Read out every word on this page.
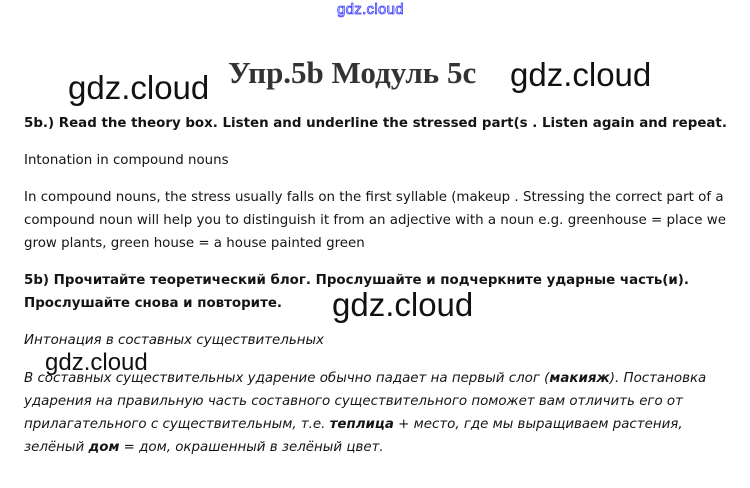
gdz.cloud
gdz.cloud	gdz.cloud
Упр.5b Модуль 5c
5b.) Read the theory box. Listen and underline the stressed part(s . Listen again and repeat.
Intonation in compound nouns
In compound nouns, the stress usually falls on the first syllable (makeup . Stressing the correct part of a
compound noun will help you to distinguish it from an adjective with a noun e.g. greenhouse = place we
grow plants, green house = a house painted green
5b) Прочитайте теоретический блог. Прослушайте и подчеркните ударные часть(и).
Прослушайте снова и повторите. gdz.cloud
Интонация в составных существительных
gdz.cloud
В составных существительных ударение обычно падает на первый слог (макияж). Постановка
ударения на правильную часть составного существительного поможет вам отличить его от
прилагательного с существительным, т.е. теплица + место, где мы выращиваем растения,
зелёный дом = дом, окрашенный в зелёный цвет.
